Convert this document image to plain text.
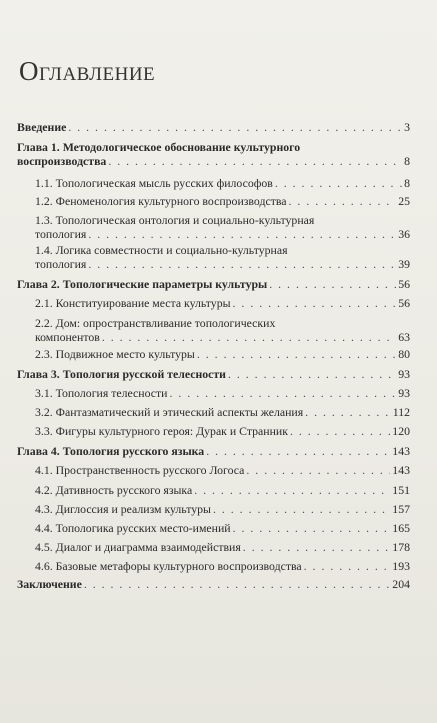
Оглавление
Введение . . .	3
Глава 1. Методологическое обоснование культурного
воспроизводства . . .	8
1.1. Топологическая мысль русских философов . . .	8
1.2. Феноменология культурного воспроизводства . . .	25
1.3. Топологическая онтология и социально-культурная
топология . . .	36
1.4. Логика совместности и социально-культурная
топология . . .	39
Глава 2. Топологические параметры культуры . . .	56
2.1. Конституирование места культуры . . .	56
2.2. Дом: опространствливание топологических
компонентов . . .	63
2.3. Подвижное место культуры . . .	80
Глава 3. Топология русской телесности . . .	93
3.1. Топология телесности . . .	93
3.2. Фантазматический и этический аспекты желания . . .	112
3.3. Фигуры культурного героя: Дурак и Странник . . .	120
Глава 4. Топология русского языка . . .	143
4.1. Пространственность русского Логоса . . .	143
4.2. Дативность русского языка . . .	151
4.3. Диглоссия и реализм культуры . . .	157
4.4. Топологика русских место-имений . . .	165
4.5. Диалог и диаграмма взаимодействия . . .	178
4.6. Базовые метафоры культурного воспроизводства . . .	193
Заключение . . .	204
